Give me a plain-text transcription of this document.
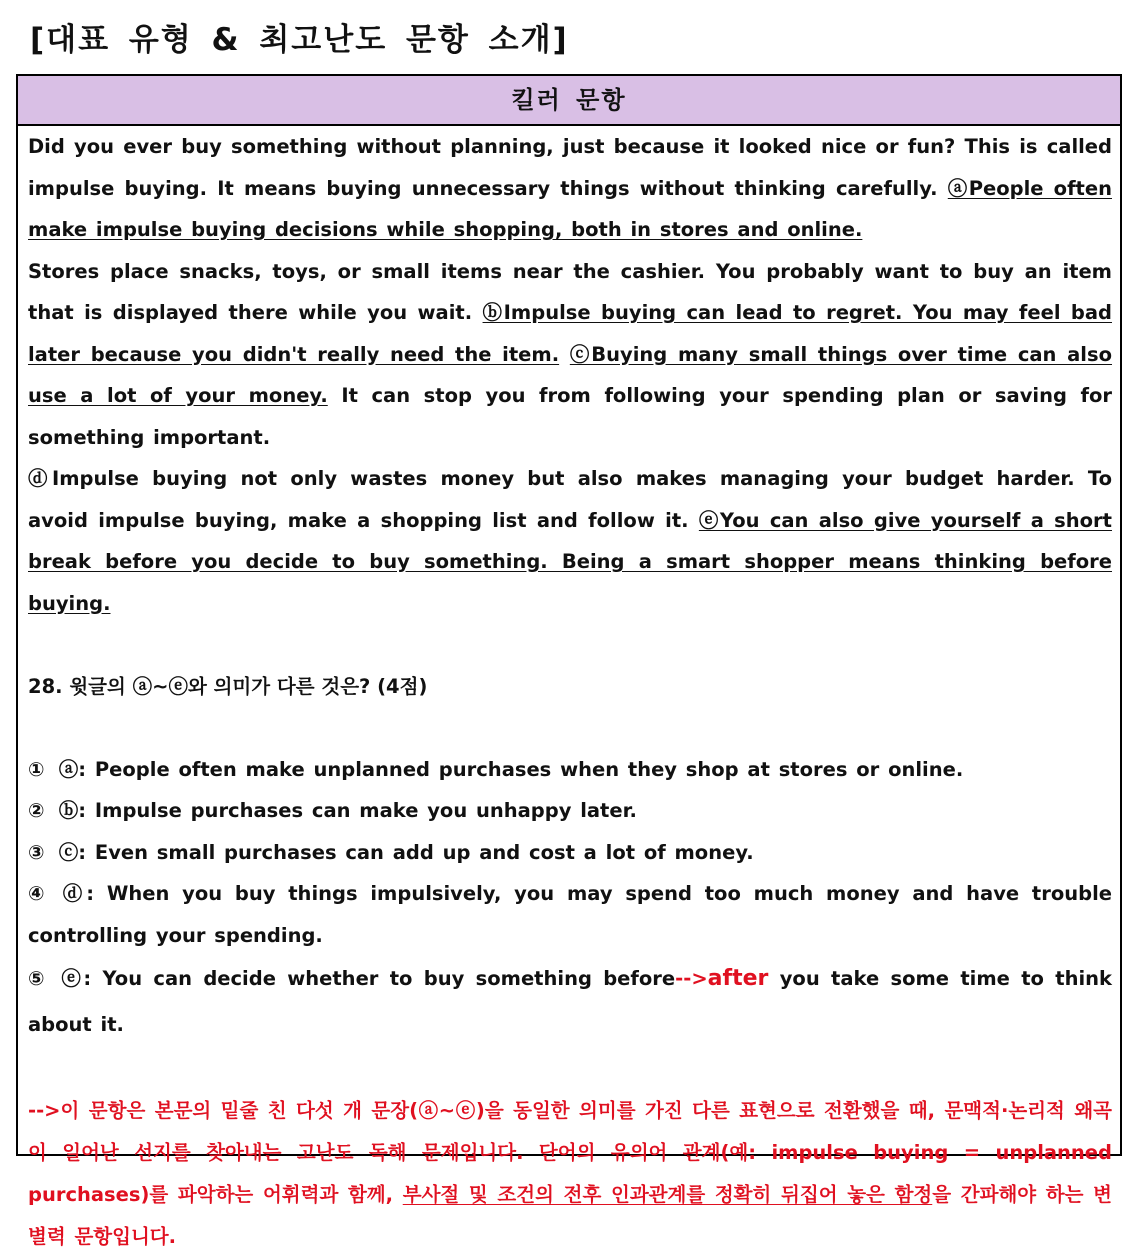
[대표 유형 & 최고난도 문항 소개]
킬러 문항
Did you ever buy something without planning, just because it looked nice or fun? This is called impulse buying. It means buying unnecessary things without thinking carefully. ⓐPeople often make impulse buying decisions while shopping, both in stores and online.
Stores place snacks, toys, or small items near the cashier. You probably want to buy an item that is displayed there while you wait. ⓑImpulse buying can lead to regret. You may feel bad later because you didn't really need the item. ⓒBuying many small things over time can also use a lot of your money. It can stop you from following your spending plan or saving for something important.
ⓓImpulse buying not only wastes money but also makes managing your budget harder. To avoid impulse buying, make a shopping list and follow it. ⓔYou can also give yourself a short break before you decide to buy something. Being a smart shopper means thinking before buying.
28. 윗글의 ⓐ~ⓔ와 의미가 다른 것은? (4점)
① ⓐ: People often make unplanned purchases when they shop at stores or online.
② ⓑ: Impulse purchases can make you unhappy later.
③ ⓒ: Even small purchases can add up and cost a lot of money.
④ ⓓ: When you buy things impulsively, you may spend too much money and have trouble controlling your spending.
⑤ ⓔ: You can decide whether to buy something before-->after you take some time to think about it.
-->이 문항은 본문의 밑줄 친 다섯 개 문장(ⓐ~ⓔ)을 동일한 의미를 가진 다른 표현으로 전환했을 때, 문맥적·논리적 왜곡이 일어난 선지를 찾아내는 고난도 독해 문제입니다. 단어의 유의어 관계(예: impulse buying = unplanned purchases)를 파악하는 어휘력과 함께, 부사절 및 조건의 전후 인과관계를 정확히 뒤집어 놓은 함정을 간파해야 하는 변별력 문항입니다.
